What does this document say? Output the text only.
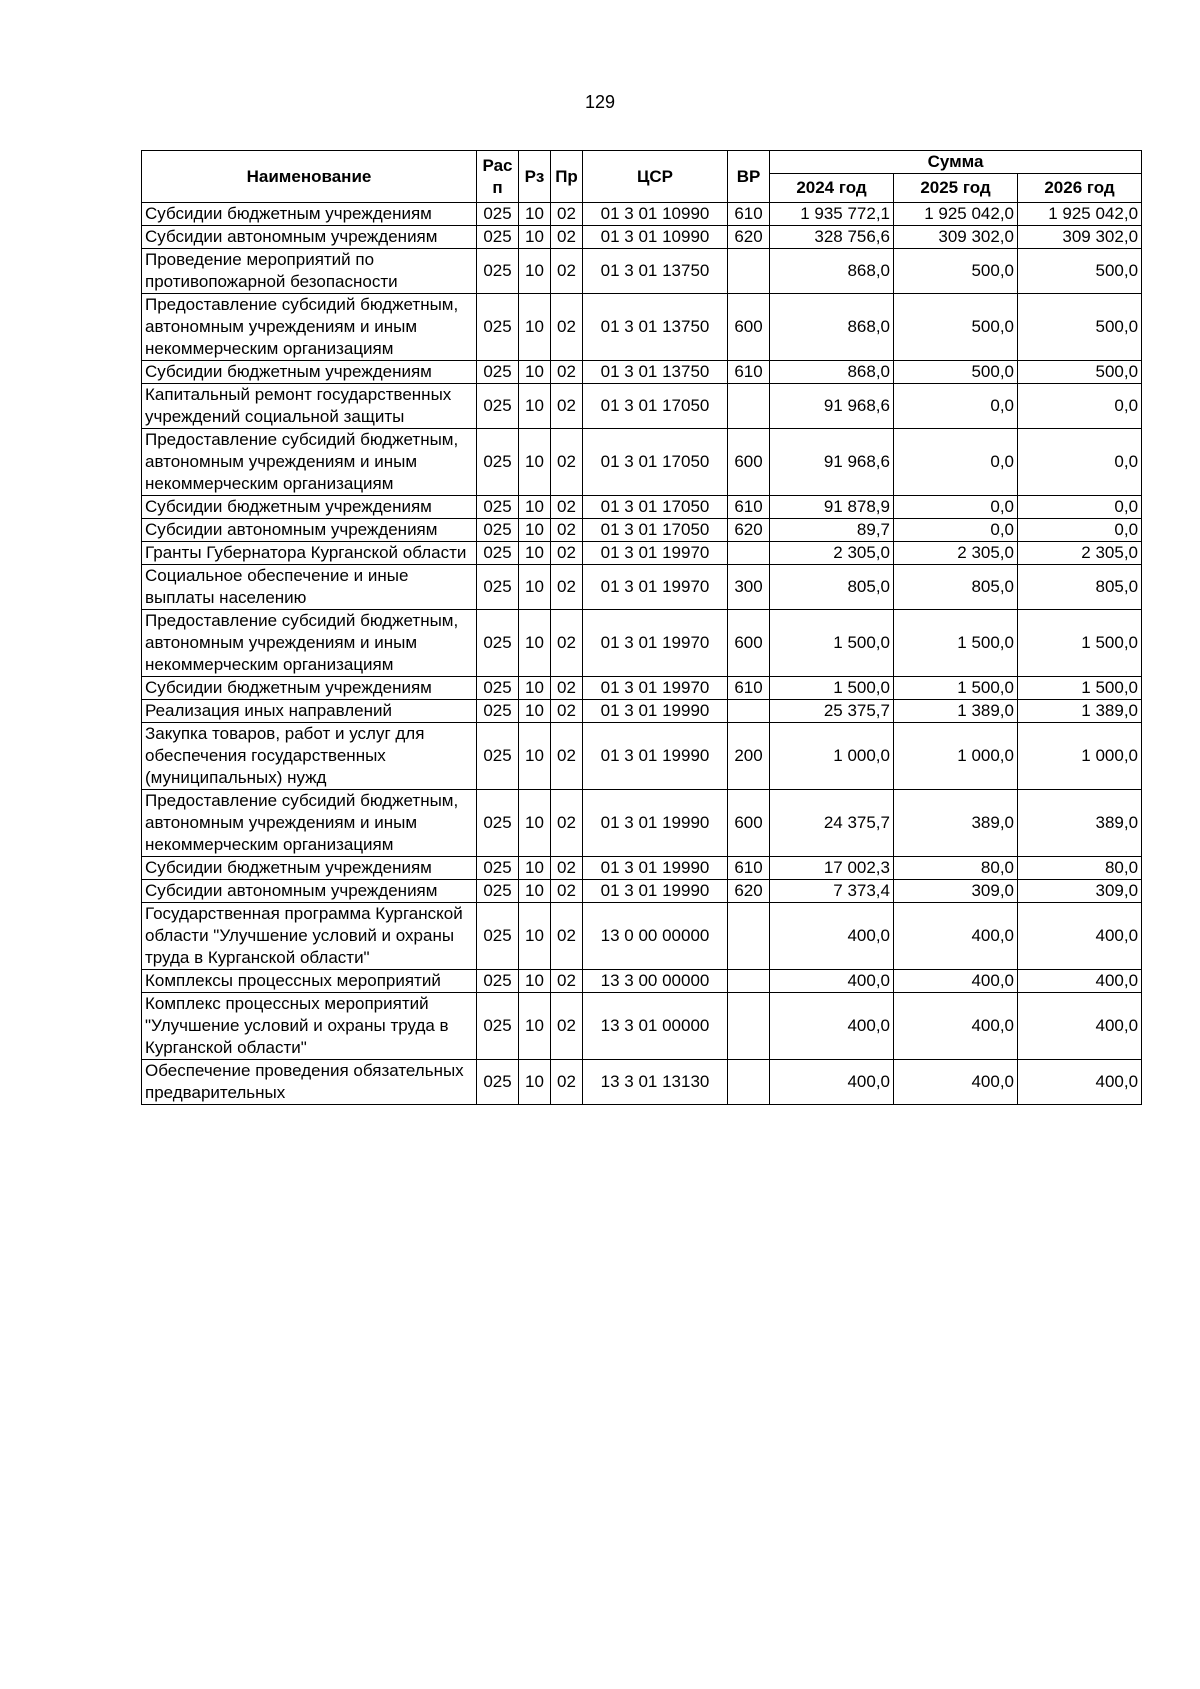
129
Наименование	Рас п	Рз	Пр	ЦСР	ВР	Сумма		
						2024 год	2025 год	2026 год
Субсидии бюджетным учреждениям	025	10	02	01 3 01 10990	610	1 935 772,1	1 925 042,0	1 925 042,0
Субсидии автономным учреждениям	025	10	02	01 3 01 10990	620	328 756,6	309 302,0	309 302,0
Проведение мероприятий по противопожарной безопасности	025	10	02	01 3 01 13750		868,0	500,0	500,0
Предоставление субсидий бюджетным, автономным учреждениям и иным некоммерческим организациям	025	10	02	01 3 01 13750	600	868,0	500,0	500,0
Субсидии бюджетным учреждениям	025	10	02	01 3 01 13750	610	868,0	500,0	500,0
Капитальный ремонт государственных учреждений социальной защиты	025	10	02	01 3 01 17050		91 968,6	0,0	0,0
Предоставление субсидий бюджетным, автономным учреждениям и иным некоммерческим организациям	025	10	02	01 3 01 17050	600	91 968,6	0,0	0,0
Субсидии бюджетным учреждениям	025	10	02	01 3 01 17050	610	91 878,9	0,0	0,0
Субсидии автономным учреждениям	025	10	02	01 3 01 17050	620	89,7	0,0	0,0
Гранты Губернатора Курганской области	025	10	02	01 3 01 19970		2 305,0	2 305,0	2 305,0
Социальное обеспечение и иные выплаты населению	025	10	02	01 3 01 19970	300	805,0	805,0	805,0
Предоставление субсидий бюджетным, автономным учреждениям и иным некоммерческим организациям	025	10	02	01 3 01 19970	600	1 500,0	1 500,0	1 500,0
Субсидии бюджетным учреждениям	025	10	02	01 3 01 19970	610	1 500,0	1 500,0	1 500,0
Реализация иных направлений	025	10	02	01 3 01 19990		25 375,7	1 389,0	1 389,0
Закупка товаров, работ и услуг для обеспечения государственных (муниципальных) нужд	025	10	02	01 3 01 19990	200	1 000,0	1 000,0	1 000,0
Предоставление субсидий бюджетным, автономным учреждениям и иным некоммерческим организациям	025	10	02	01 3 01 19990	600	24 375,7	389,0	389,0
Субсидии бюджетным учреждениям	025	10	02	01 3 01 19990	610	17 002,3	80,0	80,0
Субсидии автономным учреждениям	025	10	02	01 3 01 19990	620	7 373,4	309,0	309,0
Государственная программа Курганской области "Улучшение условий и охраны труда в Курганской области"	025	10	02	13 0 00 00000		400,0	400,0	400,0
Комплексы процессных мероприятий	025	10	02	13 3 00 00000		400,0	400,0	400,0
Комплекс процессных мероприятий "Улучшение условий и охраны труда в Курганской области"	025	10	02	13 3 01 00000		400,0	400,0	400,0
Обеспечение проведения обязательных предварительных	025	10	02	13 3 01 13130		400,0	400,0	400,0
